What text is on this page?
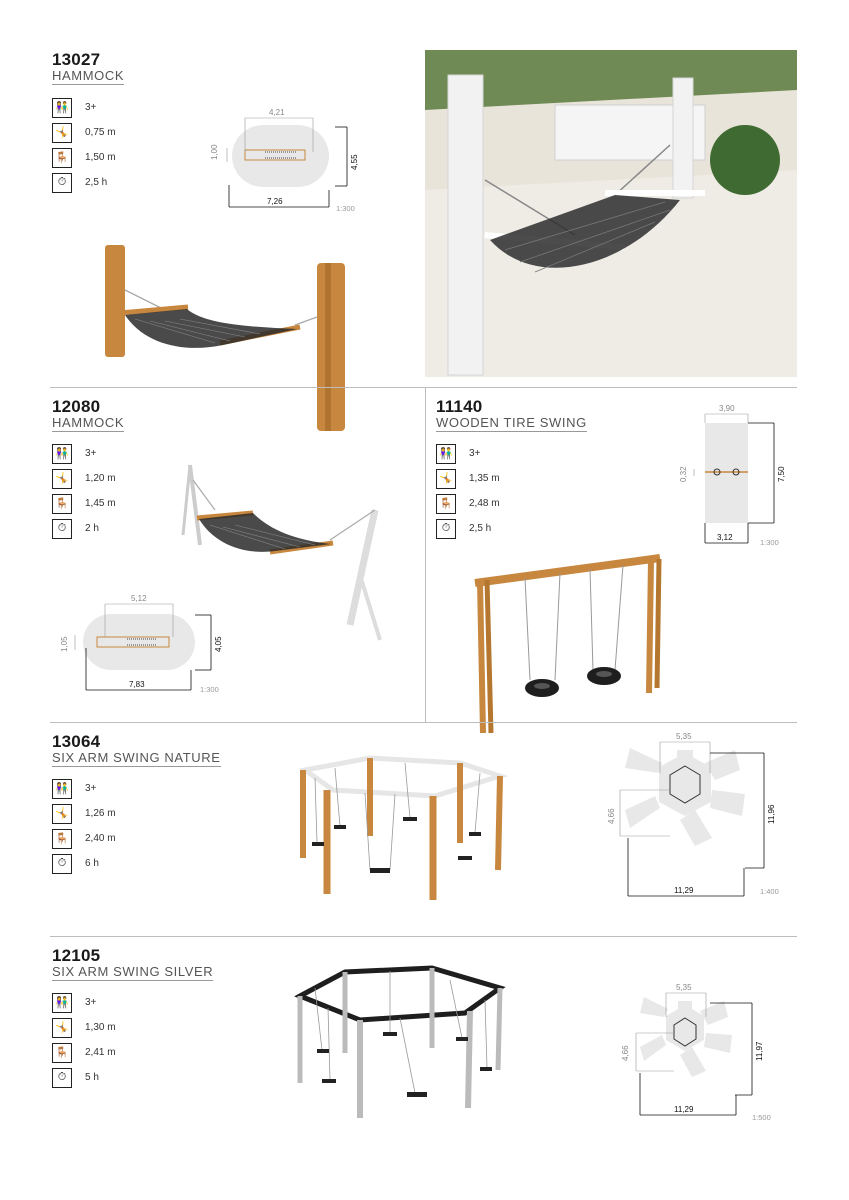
13027
HAMMOCK
👫	3+
🤸	0,75 m
🪑	1,50 m
⏱	2,5 h
4,21
1,00
4,55
7,26
1:300
12080
HAMMOCK
👫	3+
🤸	1,20 m
🪑	1,45 m
⏱	2 h
5,12
1,05	4,05
7,83
1:300
11140
WOODEN TIRE SWING
👫	3+
🤸	1,35 m
🪑	2,48 m
⏱	2,5 h
3,90
0,32	7,50
3,12
1:300
13064
SIX ARM SWING NATURE
👫	3+
🤸	1,26 m
🪑	2,40 m
⏱	6 h
5,35
4,66	11,96
11,29	1:400
12105
SIX ARM SWING SILVER
👫	3+
🤸	1,30 m
🪑	2,41 m
⏱	5 h
5,35
4,66	11,97
11,29
1:500
